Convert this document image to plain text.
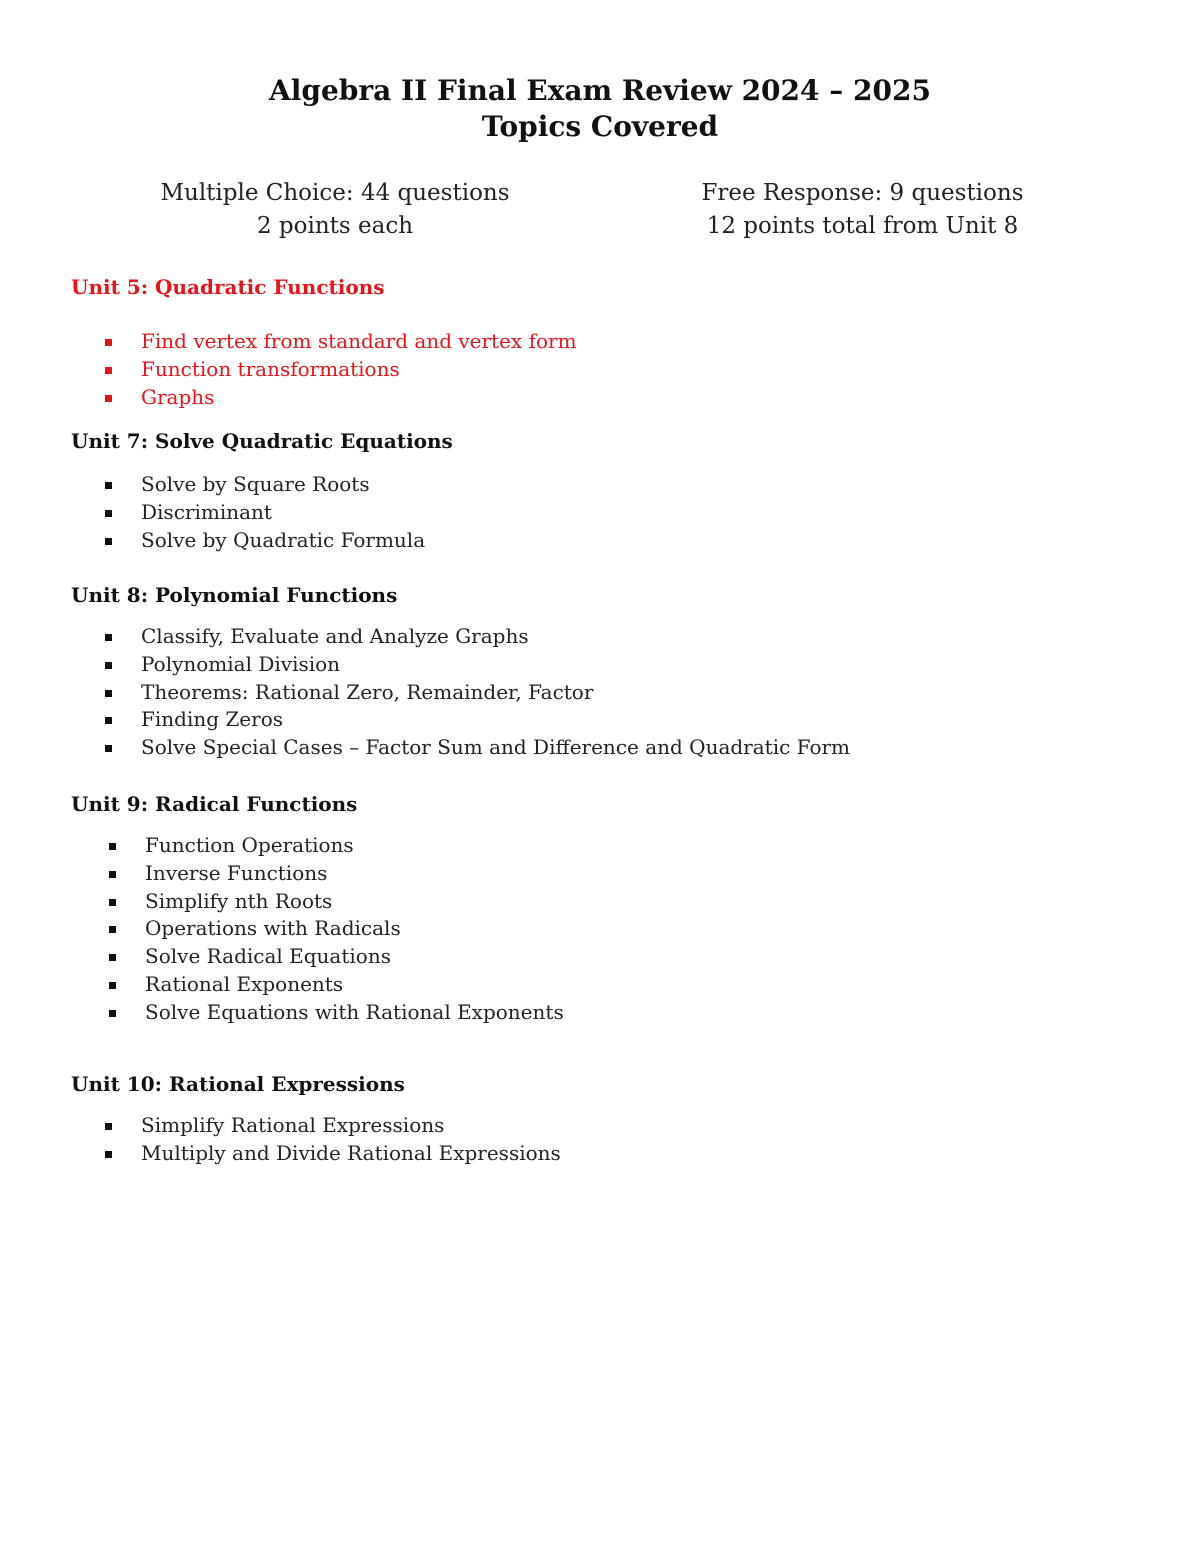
Algebra II Final Exam Review 2024 – 2025
Topics Covered
Multiple Choice: 44 questions
2 points each
Free Response: 9 questions
12 points total from Unit 8
Unit 5: Quadratic Functions
Find vertex from standard and vertex form
Function transformations
Graphs
Unit 7: Solve Quadratic Equations
Solve by Square Roots
Discriminant
Solve by Quadratic Formula
Unit 8: Polynomial Functions
Classify, Evaluate and Analyze Graphs
Polynomial Division
Theorems: Rational Zero, Remainder, Factor
Finding Zeros
Solve Special Cases – Factor Sum and Difference and Quadratic Form
Unit 9: Radical Functions
Function Operations
Inverse Functions
Simplify nth Roots
Operations with Radicals
Solve Radical Equations
Rational Exponents
Solve Equations with Rational Exponents
Unit 10: Rational Expressions
Simplify Rational Expressions
Multiply and Divide Rational Expressions
